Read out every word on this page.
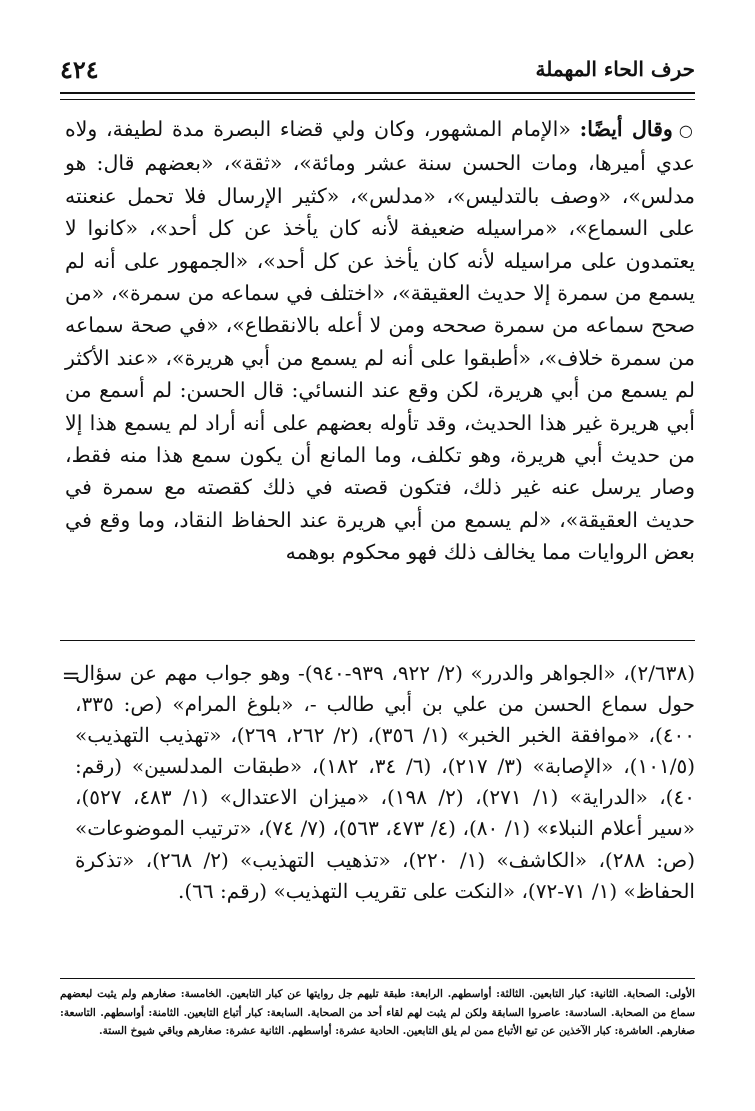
حرف الحاء المهملة
٤٢٤
○وقال أيضًا: «الإمام المشهور، وكان ولي قضاء البصرة مدة لطيفة، ولاه عدي أميرها، ومات الحسن سنة عشر ومائة»، «ثقة»، «بعضهم قال: هو مدلس»، «وصف بالتدليس»، «مدلس»، «كثير الإرسال فلا تحمل عنعنته على السماع»، «مراسيله ضعيفة لأنه كان يأخذ عن كل أحد»، «كانوا لا يعتمدون على مراسيله لأنه كان يأخذ عن كل أحد»، «الجمهور على أنه لم يسمع من سمرة إلا حديث العقيقة»، «اختلف في سماعه من سمرة»، «من صحح سماعه من سمرة صححه ومن لا أعله بالانقطاع»، «في صحة سماعه من سمرة خلاف»، «أطبقوا على أنه لم يسمع من أبي هريرة»، «عند الأكثر لم يسمع من أبي هريرة، لكن وقع عند النسائي: قال الحسن: لم أسمع من أبي هريرة غير هذا الحديث، وقد تأوله بعضهم على أنه أراد لم يسمع هذا إلا من حديث أبي هريرة، وهو تكلف، وما المانع أن يكون سمع هذا منه فقط، وصار يرسل عنه غير ذلك، فتكون قصته في ذلك كقصته مع سمرة في حديث العقيقة»، «لم يسمع من أبي هريرة عند الحفاظ النقاد، وما وقع في بعض الروايات مما يخالف ذلك فهو محكوم بوهمه
=
(٢/٦٣٨)، «الجواهر والدرر» (٢/ ٩٢٢، ٩٣٩-٩٤٠)- وهو جواب مهم عن سؤال حول سماع الحسن من علي بن أبي طالب -، «بلوغ المرام» (ص: ٣٣٥، ٤٠٠)، «موافقة الخبر الخبر» (١/ ٣٥٦)، (٢/ ٢٦٢، ٢٦٩)، «تهذيب التهذيب» (١٠١/٥)، «الإصابة» (٣/ ٢١٧)، (٦/ ٣٤، ١٨٢)، «طبقات المدلسين» (رقم: ٤٠)، «الدراية» (١/ ٢٧١)، (٢/ ١٩٨)، «ميزان الاعتدال» (١/ ٤٨٣، ٥٢٧)، «سير أعلام النبلاء» (١/ ٨٠)، (٤/ ٤٧٣، ٥٦٣)، (٧/ ٧٤)، «ترتيب الموضوعات» (ص: ٢٨٨)، «الكاشف» (١/ ٢٢٠)، «تذهيب التهذيب» (٢/ ٢٦٨)، «تذكرة الحفاظ» (١/ ٧١-٧٢)، «النكت على تقريب التهذيب» (رقم: ٦٦).
الأولى: الصحابة. الثانية: كبار التابعين. الثالثة: أواسطهم. الرابعة: طبقة تليهم جل روايتها عن كبار التابعين. الخامسة: صغارهم ولم يثبت لبعضهم سماع من الصحابة. السادسة: عاصروا السابقة ولكن لم يثبت لهم لقاء أحد من الصحابة. السابعة: كبار أتباع التابعين. الثامنة: أواسطهم. التاسعة: صغارهم. العاشرة: كبار الآخذين عن تبع الأتباع ممن لم يلق التابعين. الحادية عشرة: أواسطهم. الثانية عشرة: صغارهم وباقي شيوخ الستة.
